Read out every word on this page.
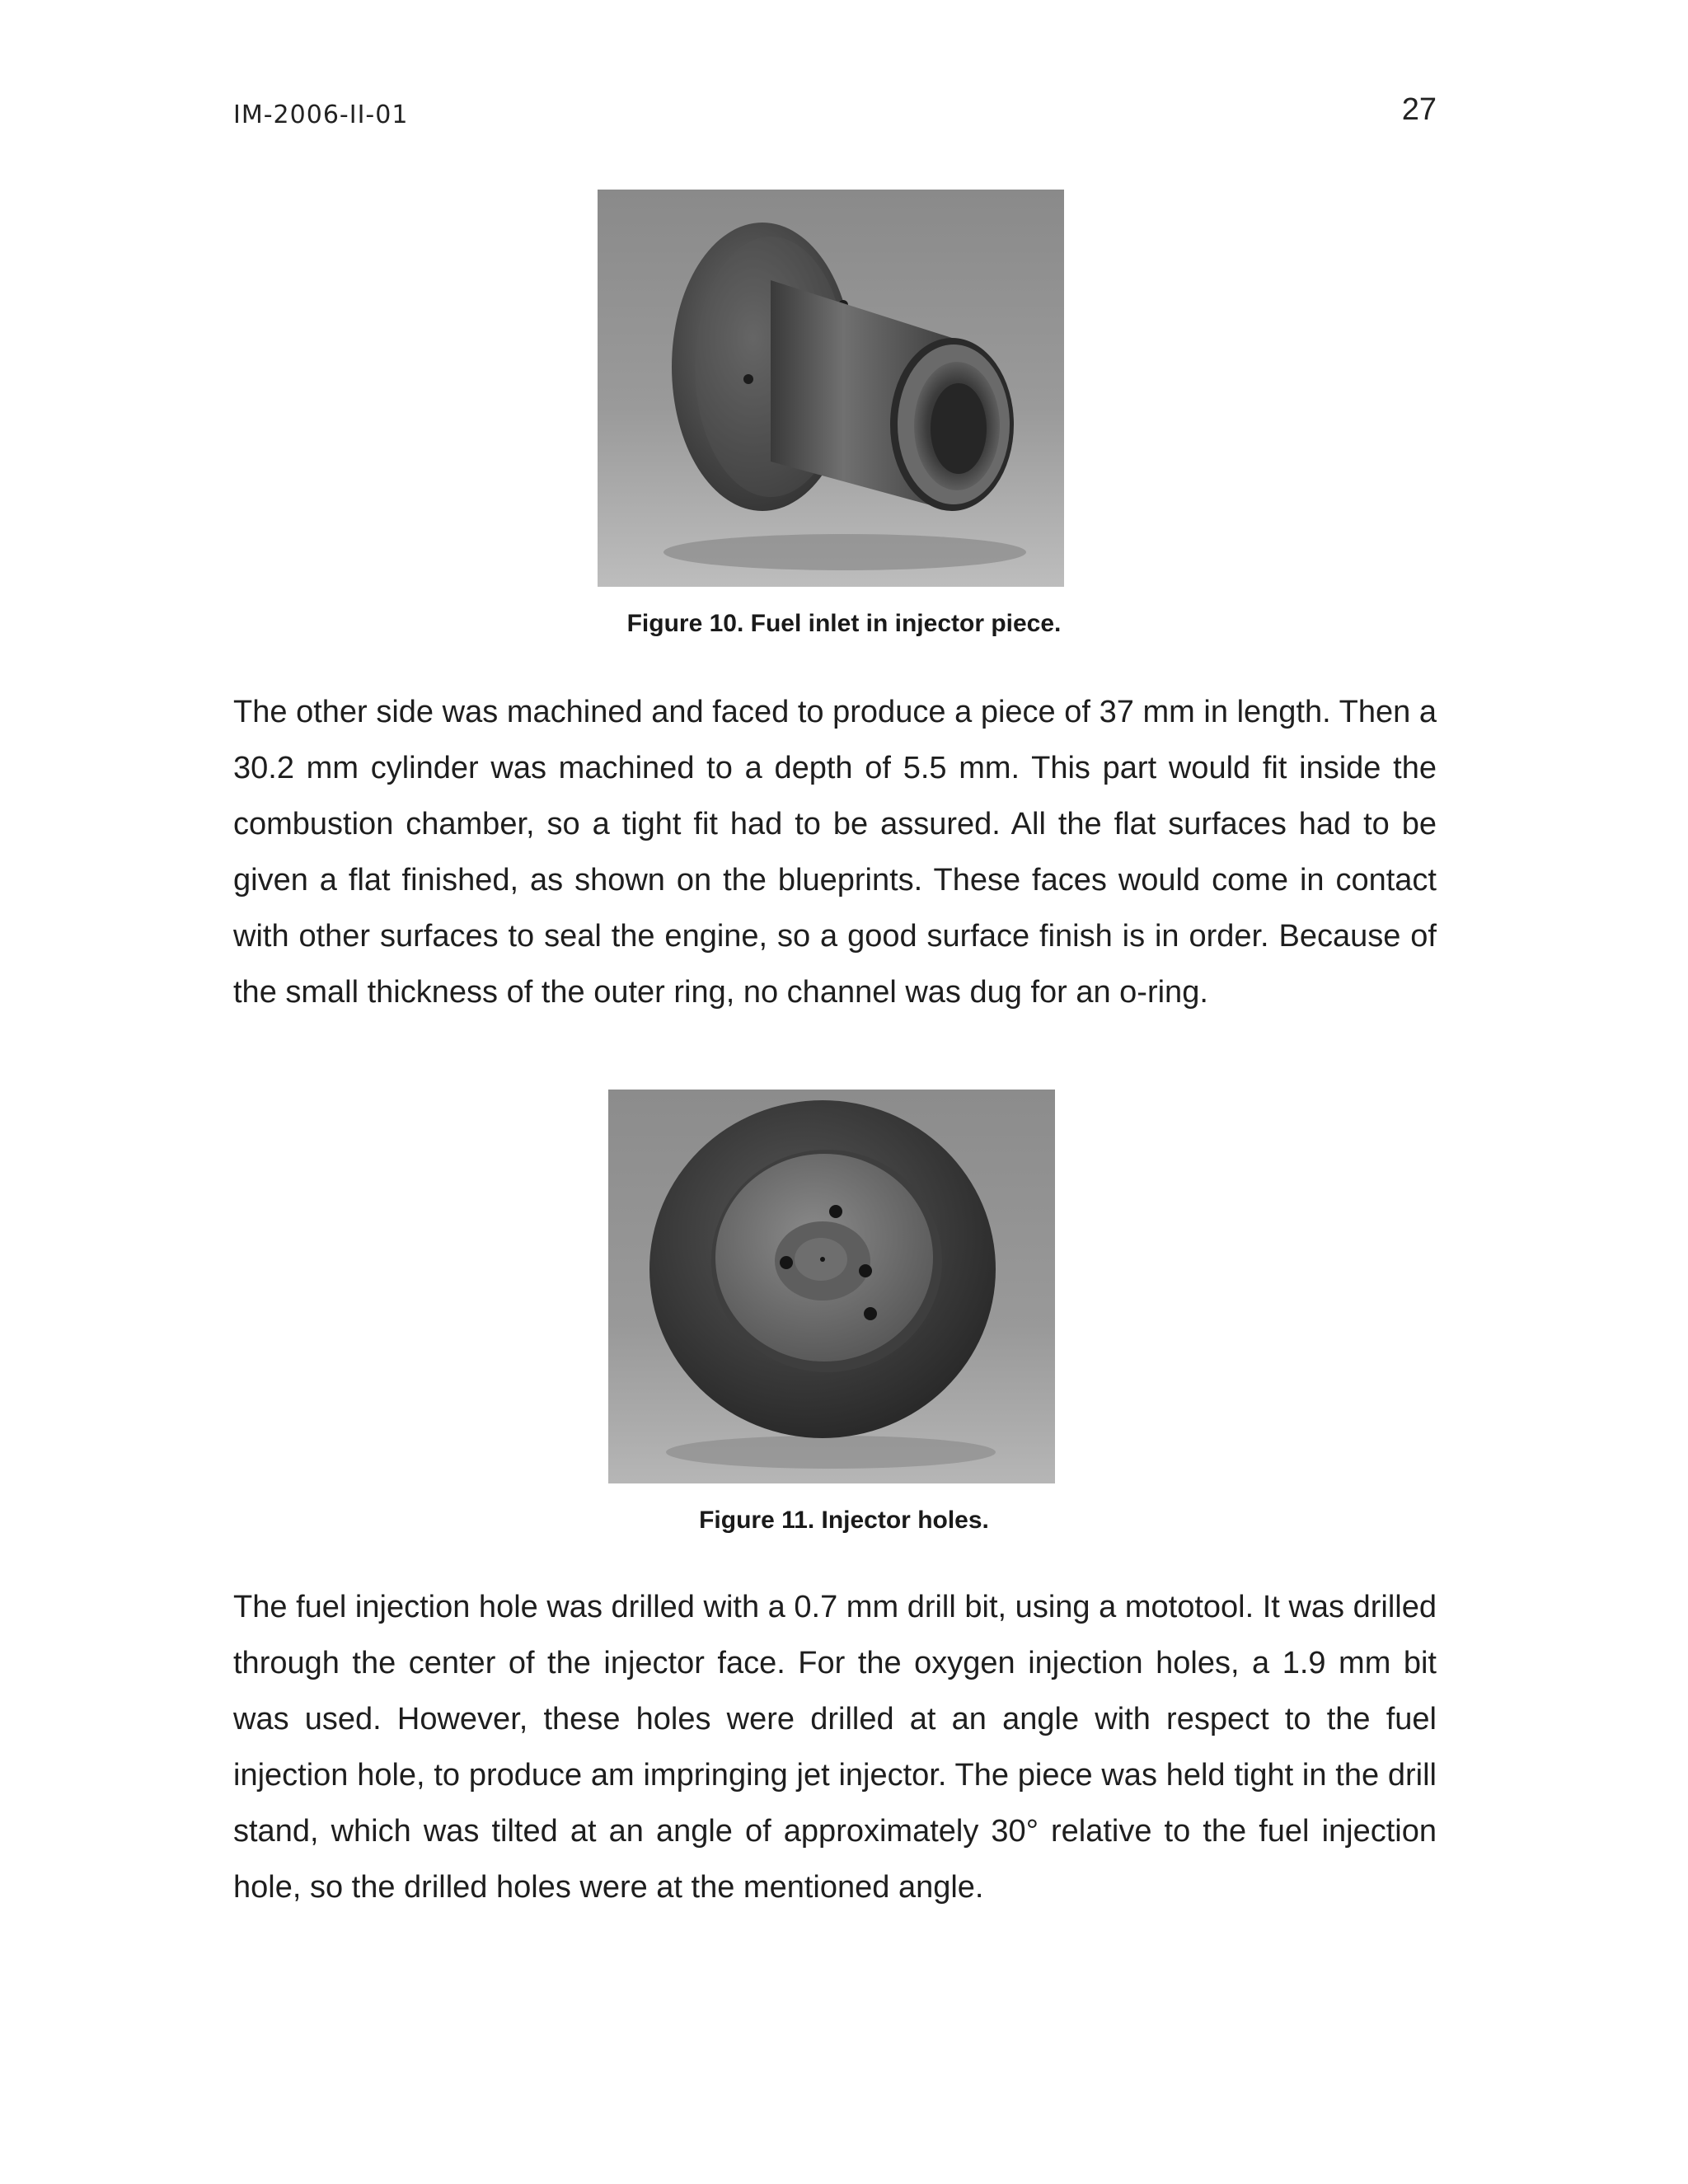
IM-2006-II-01	27
Figure 10. Fuel inlet in injector piece.
The other side was machined and faced to produce a piece of 37 mm in length. Then a 30.2 mm cylinder was machined to a depth of 5.5 mm. This part would fit inside the combustion chamber, so a tight fit had to be assured. All the flat surfaces had to be given a flat finished, as shown on the blueprints. These faces would come in contact with other surfaces to seal the engine, so a good surface finish is in order. Because of the small thickness of the outer ring, no channel was dug for an o-ring.
Figure 11. Injector holes.
The fuel injection hole was drilled with a 0.7 mm drill bit, using a mototool. It was drilled through the center of the injector face. For the oxygen injection holes, a 1.9 mm bit was used. However, these holes were drilled at an angle with respect to the fuel injection hole, to produce am impringing jet injector. The piece was held tight in the drill stand, which was tilted at an angle of approximately 30° relative to the fuel injection hole, so the drilled holes were at the mentioned angle.
